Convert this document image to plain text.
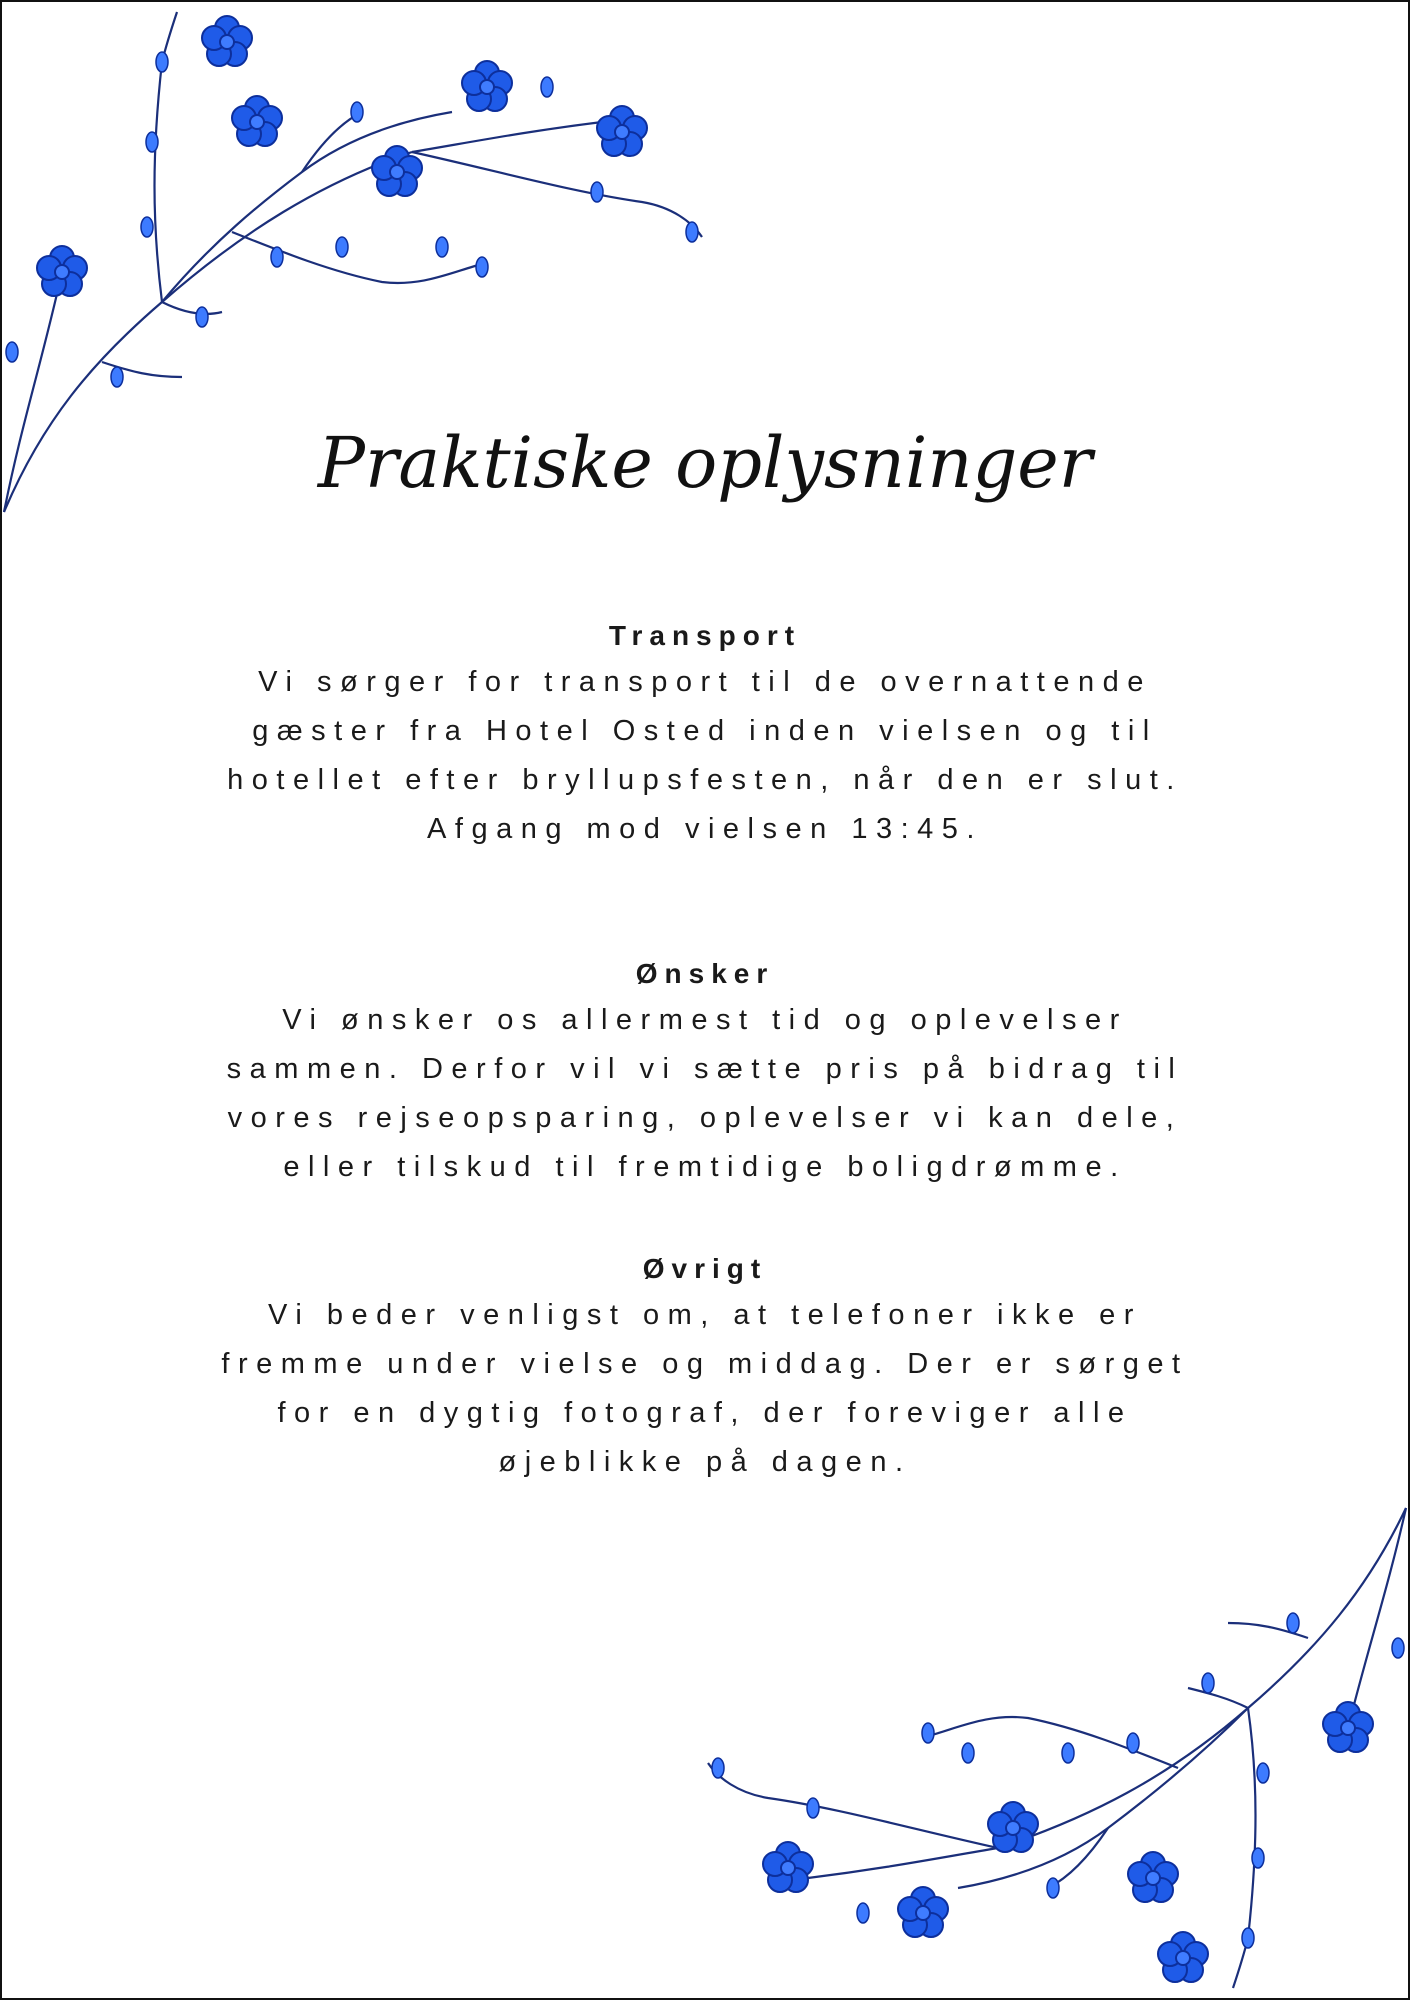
Praktiske oplysninger
Transport
Vi sørger for transport til de overnattende
gæster fra Hotel Osted inden vielsen og til
hotellet efter bryllupsfesten, når den er slut.
Afgang mod vielsen 13:45.
Ønsker
Vi ønsker os allermest tid og oplevelser
sammen. Derfor vil vi sætte pris på bidrag til
vores rejseopsparing, oplevelser vi kan dele,
eller tilskud til fremtidige boligdrømme.
Øvrigt
Vi beder venligst om, at telefoner ikke er
fremme under vielse og middag. Der er sørget
for en dygtig fotograf, der foreviger alle
øjeblikke på dagen.
